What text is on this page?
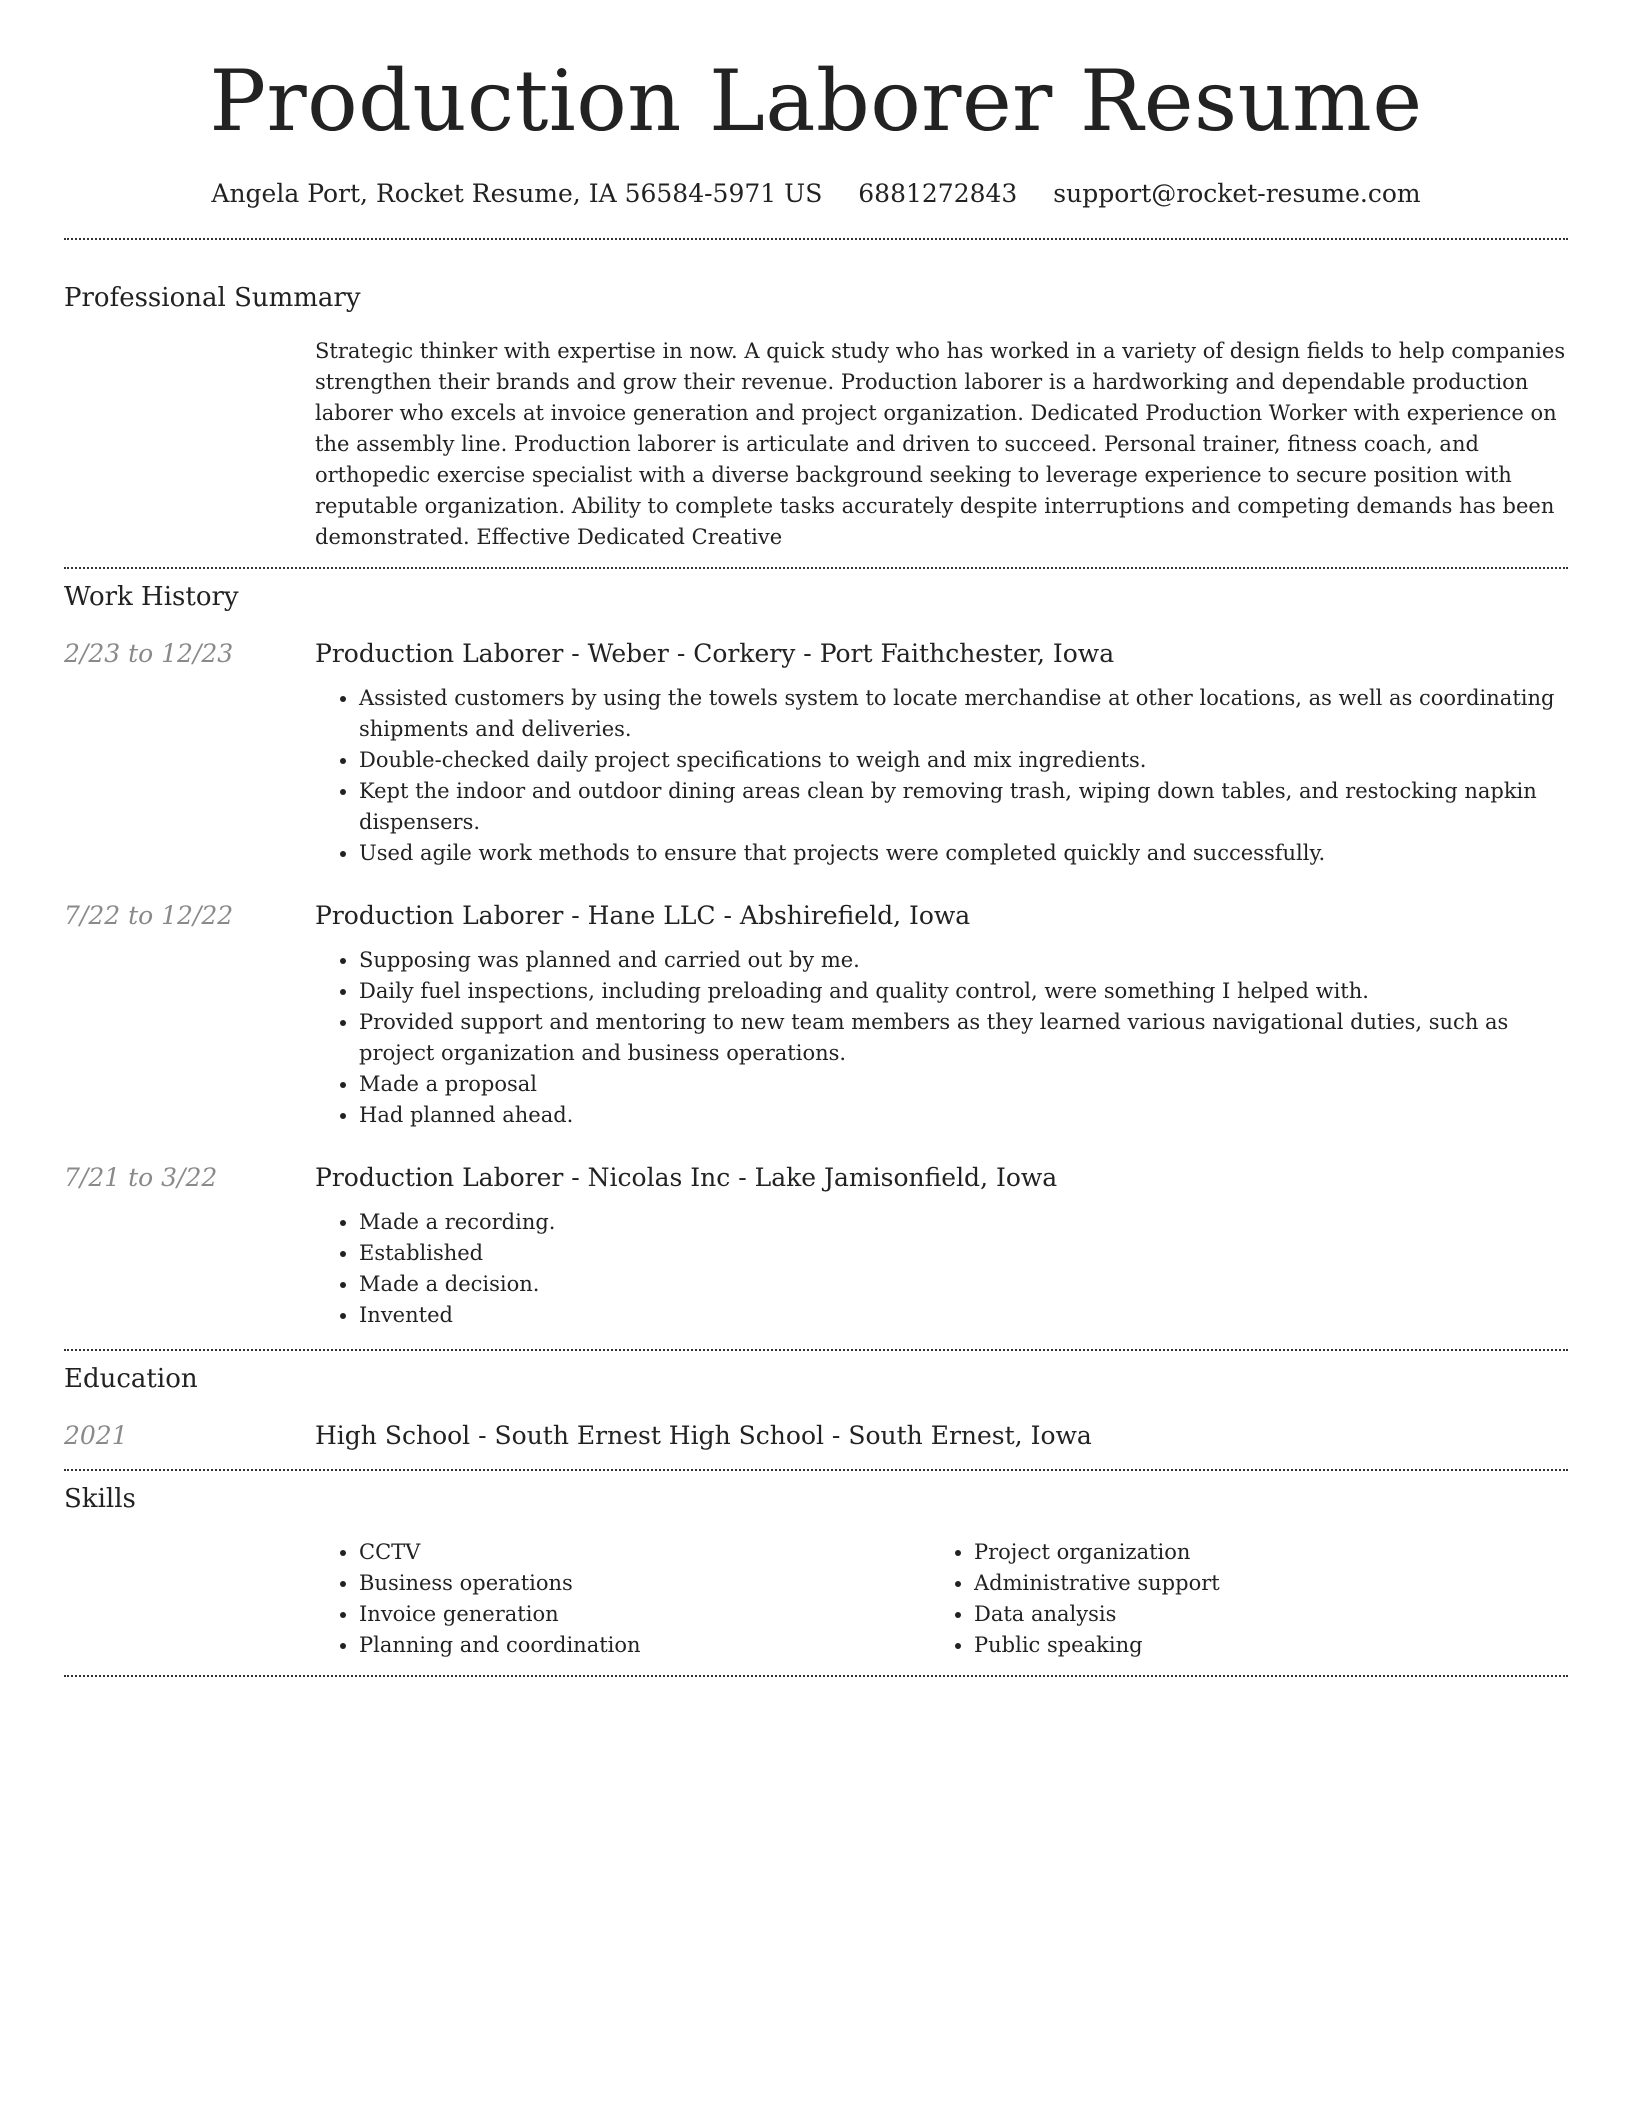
Production Laborer Resume
Angela Port, Rocket Resume, IA 56584-5971 US 6881272843 support@rocket-resume.com
Professional Summary
Strategic thinker with expertise in now. A quick study who has worked in a variety of design fields to help companies strengthen their brands and grow their revenue. Production laborer is a hardworking and dependable production laborer who excels at invoice generation and project organization. Dedicated Production Worker with experience on the assembly line. Production laborer is articulate and driven to succeed. Personal trainer, fitness coach, and orthopedic exercise specialist with a diverse background seeking to leverage experience to secure position with reputable organization. Ability to complete tasks accurately despite interruptions and competing demands has been demonstrated. Effective Dedicated Creative
Work History
2/23 to 12/23	Production Laborer - Weber - Corkery - Port Faithchester, Iowa
• Assisted customers by using the towels system to locate merchandise at other locations, as well as coordinating shipments and deliveries.
• Double-checked daily project specifications to weigh and mix ingredients.
• Kept the indoor and outdoor dining areas clean by removing trash, wiping down tables, and restocking napkin dispensers.
• Used agile work methods to ensure that projects were completed quickly and successfully.
7/22 to 12/22	Production Laborer - Hane LLC - Abshirefield, Iowa
• Supposing was planned and carried out by me.
• Daily fuel inspections, including preloading and quality control, were something I helped with.
• Provided support and mentoring to new team members as they learned various navigational duties, such as project organization and business operations.
• Made a proposal
• Had planned ahead.
7/21 to 3/22	Production Laborer - Nicolas Inc - Lake Jamisonfield, Iowa
• Made a recording.
• Established
• Made a decision.
• Invented
Education
2021	High School - South Ernest High School - South Ernest, Iowa
Skills
• CCTV
• Business operations
• Invoice generation
• Planning and coordination
• Project organization
• Administrative support
• Data analysis
• Public speaking
